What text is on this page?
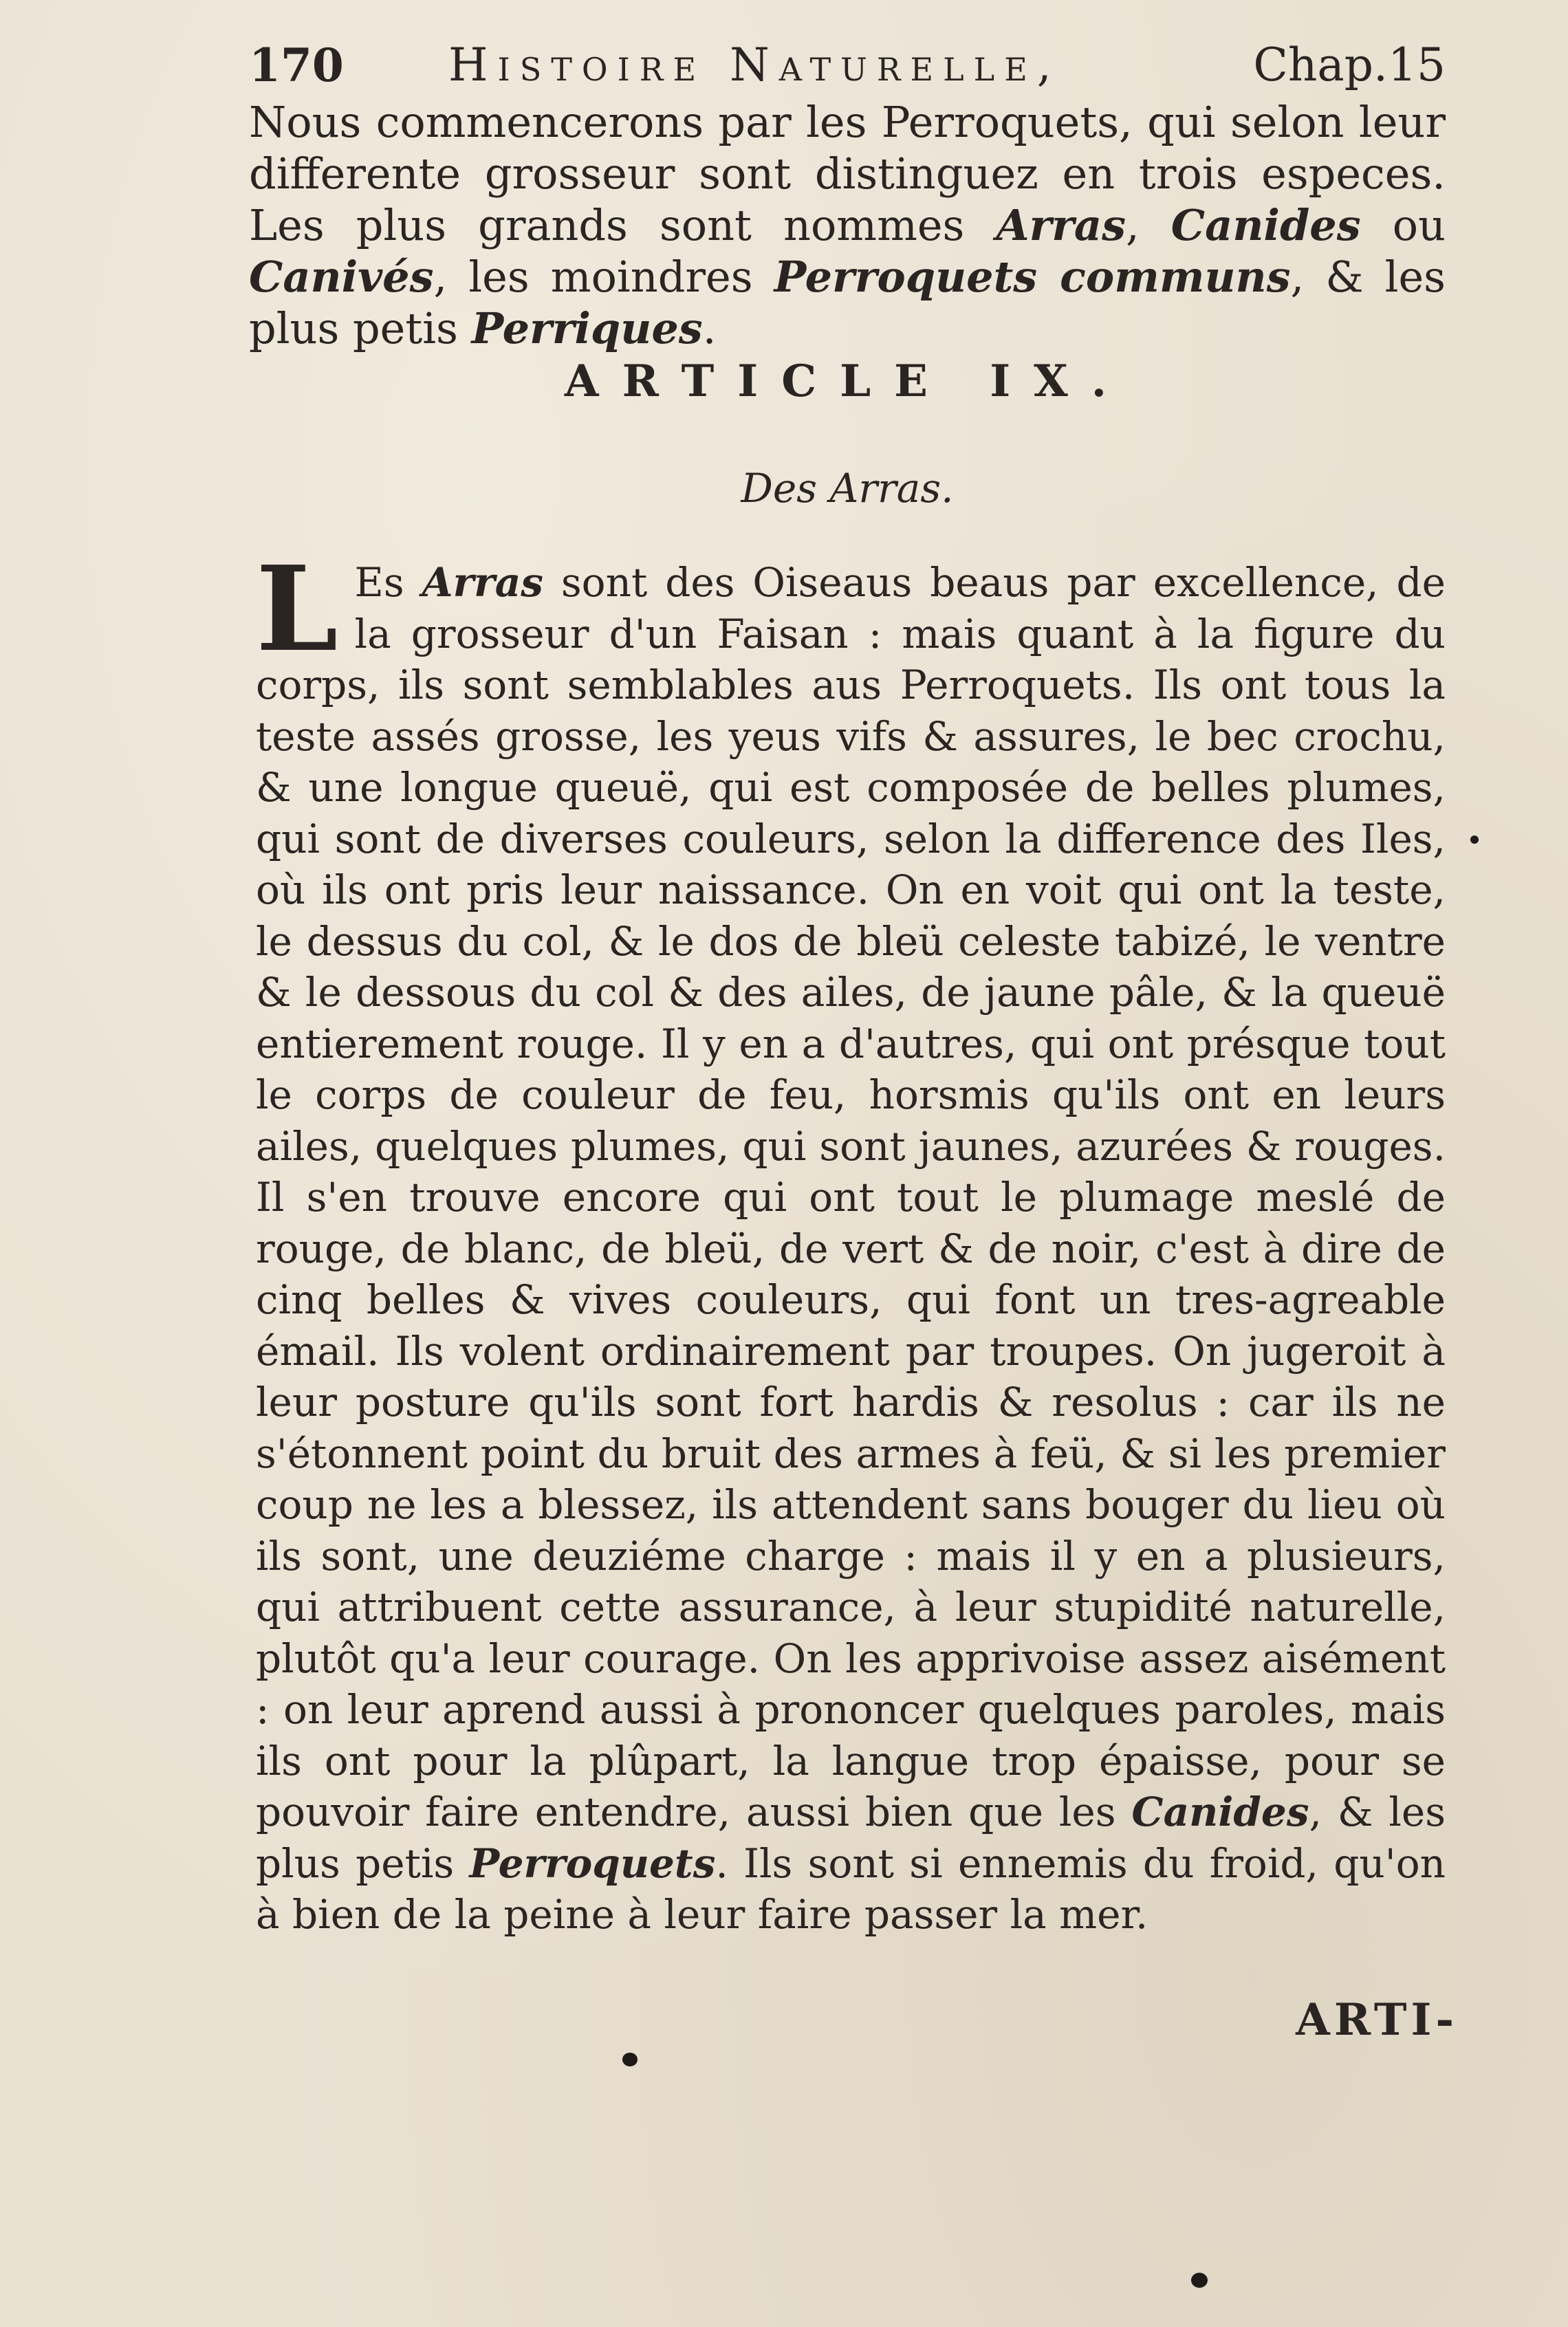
170 Histoire Naturelle,	Chap.15
Nous commencerons par les Perroquets, qui selon leur differente grosseur sont distinguez en trois especes. Les plus grands sont nommes Arras, Canides ou Canivés, les moindres Perroquets communs, & les plus petis Perriques.
ARTICLE IX.
Des Arras.
L Es Arras sont des Oiseaus beaus par excellence, de la grosseur d'un Faisan : mais quant à la figure du corps, ils sont semblables aus Perroquets. Ils ont tous la teste assés grosse, les yeus vifs & assures, le bec crochu, & une longue queuë, qui est composée de belles plumes, qui sont de diverses couleurs, selon la difference des Iles, où ils ont pris leur naissance. On en voit qui ont la teste, le dessus du col, & le dos de bleü celeste tabizé, le ventre & le dessous du col & des ailes, de jaune pâle, & la queuë entierement rouge. Il y en a d'autres, qui ont présque tout le corps de couleur de feu, horsmis qu'ils ont en leurs ailes, quelques plumes, qui sont jaunes, azurées & rouges. Il s'en trouve encore qui ont tout le plumage meslé de rouge, de blanc, de bleü, de vert & de noir, c'est à dire de cinq belles & vives couleurs, qui font un tres-agreable émail. Ils volent ordinairement par troupes. On jugeroit à leur posture qu'ils sont fort hardis & resolus : car ils ne s'étonnent point du bruit des armes à feü, & si les premier coup ne les a blessez, ils attendent sans bouger du lieu où ils sont, une deuziéme charge : mais il y en a plusieurs, qui attribuent cette assurance, à leur stupidité naturelle, plutôt qu'a leur courage. On les apprivoise assez aisément : on leur aprend aussi à prononcer quelques paroles, mais ils ont pour la plûpart, la langue trop épaisse, pour se pouvoir faire entendre, aussi bien que les Canides, & les plus petis Perroquets. Ils sont si ennemis du froid, qu'on à bien de la peine à leur faire passer la mer.
ARTI-
